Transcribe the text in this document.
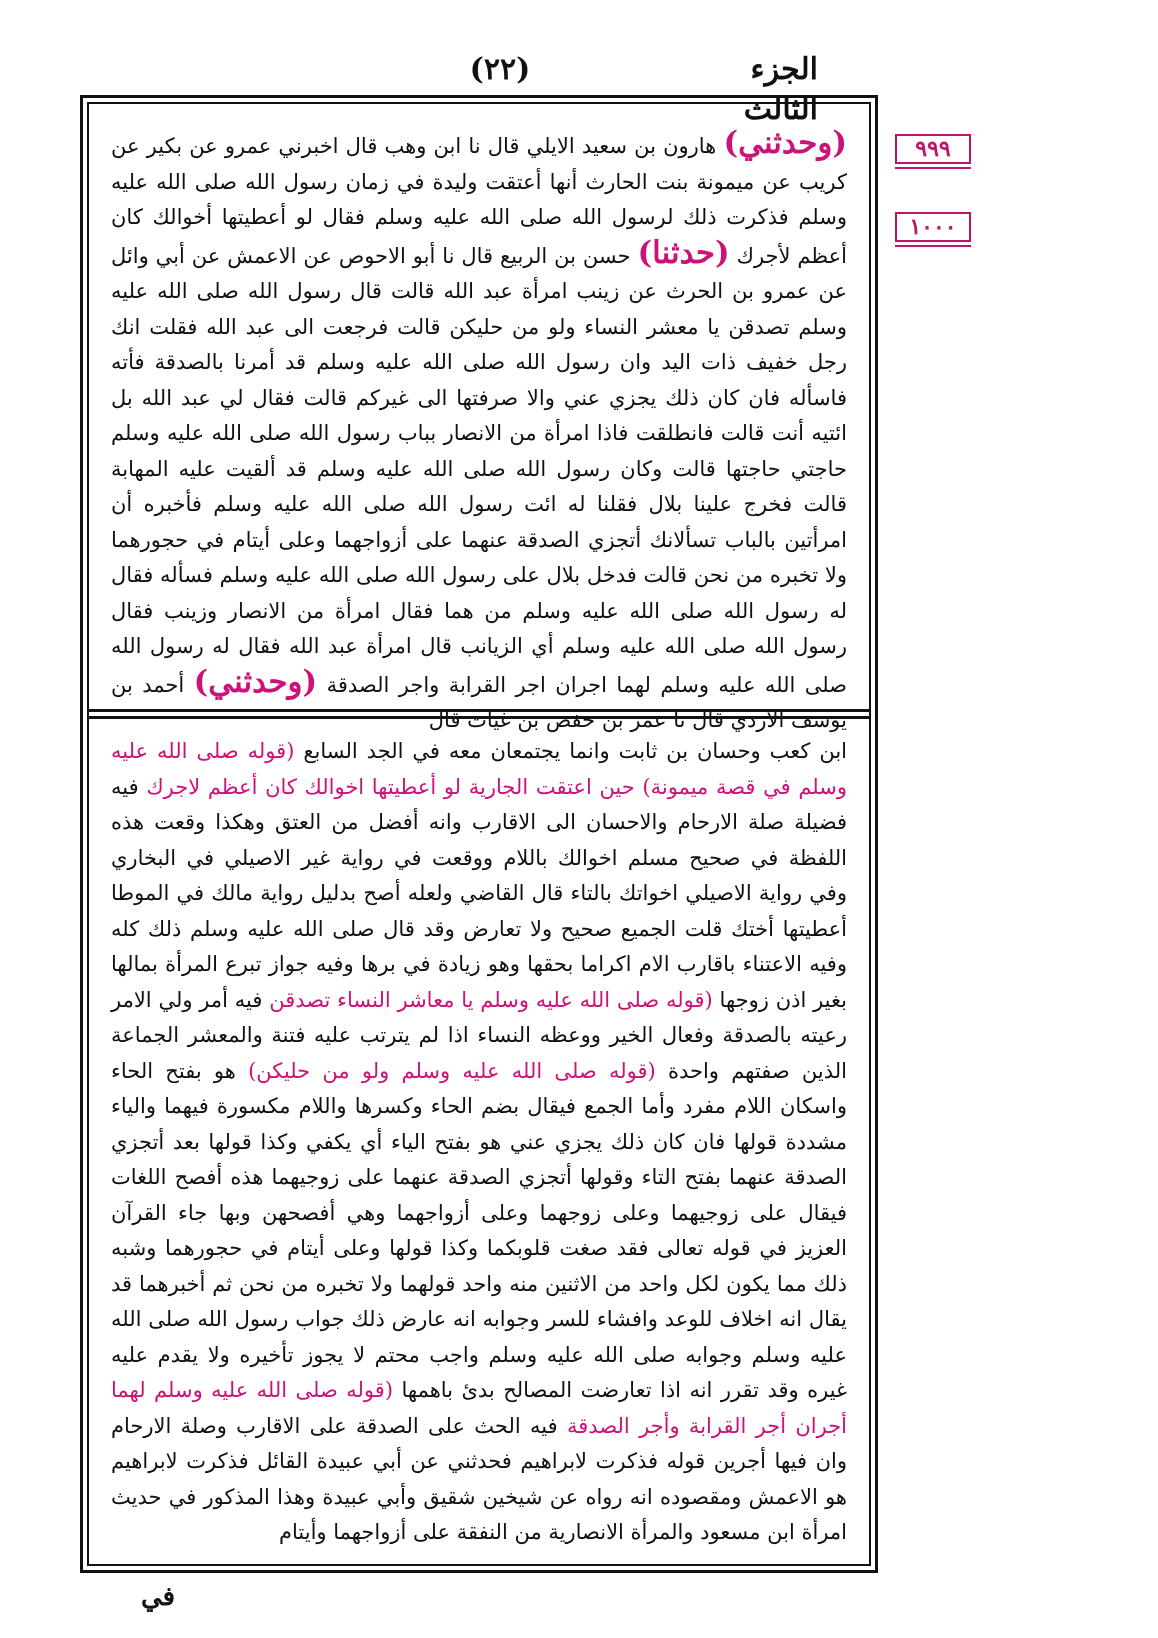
الجزء الثالث
(٢٢)
٩٩٩
١٠٠٠
(وحدثني) هارون بن سعيد الايلي قال نا ابن وهب قال اخبرني عمرو عن بكير عن كريب عن ميمونة بنت الحارث أنها أعتقت وليدة في زمان رسول الله صلى الله عليه وسلم فذكرت ذلك لرسول الله صلى الله عليه وسلم فقال لو أعطيتها أخوالك كان أعظم لأجرك (حدثنا) حسن بن الربيع قال نا أبو الاحوص عن الاعمش عن أبي وائل عن عمرو بن الحرث عن زينب امرأة عبد الله قالت قال رسول الله صلى الله عليه وسلم تصدقن يا معشر النساء ولو من حليكن قالت فرجعت الى عبد الله فقلت انك رجل خفيف ذات اليد وان رسول الله صلى الله عليه وسلم قد أمرنا بالصدقة فأته فاسأله فان كان ذلك يجزي عني والا صرفتها الى غيركم قالت فقال لي عبد الله بل ائتيه أنت قالت فانطلقت فاذا امرأة من الانصار بباب رسول الله صلى الله عليه وسلم حاجتي حاجتها قالت وكان رسول الله صلى الله عليه وسلم قد ألقيت عليه المهابة قالت فخرج علينا بلال فقلنا له ائت رسول الله صلى الله عليه وسلم فأخبره أن امرأتين بالباب تسألانك أتجزي الصدقة عنهما على أزواجهما وعلى أيتام في حجورهما ولا تخبره من نحن قالت فدخل بلال على رسول الله صلى الله عليه وسلم فسأله فقال له رسول الله صلى الله عليه وسلم من هما فقال امرأة من الانصار وزينب فقال رسول الله صلى الله عليه وسلم أي الزيانب قال امرأة عبد الله فقال له رسول الله صلى الله عليه وسلم لهما اجران اجر القرابة واجر الصدقة (وحدثني) أحمد بن يوسف الازدي قال نا عمر بن حفص بن غياث قال
ابن كعب وحسان بن ثابت وانما يجتمعان معه في الجد السابع (قوله صلى الله عليه وسلم في قصة ميمونة) حين اعتقت الجارية لو أعطيتها اخوالك كان أعظم لاجرك فيه فضيلة صلة الارحام والاحسان الى الاقارب وانه أفضل من العتق وهكذا وقعت هذه اللفظة في صحيح مسلم اخوالك باللام ووقعت في رواية غير الاصيلي في البخاري وفي رواية الاصيلي اخواتك بالتاء قال القاضي ولعله أصح بدليل رواية مالك في الموطا أعطيتها أختك قلت الجميع صحيح ولا تعارض وقد قال صلى الله عليه وسلم ذلك كله وفيه الاعتناء باقارب الام اكراما بحقها وهو زيادة في برها وفيه جواز تبرع المرأة بمالها بغير اذن زوجها (قوله صلى الله عليه وسلم يا معاشر النساء تصدقن فيه أمر ولي الامر رعيته بالصدقة وفعال الخير ووعظه النساء اذا لم يترتب عليه فتنة والمعشر الجماعة الذين صفتهم واحدة (قوله صلى الله عليه وسلم ولو من حليكن) هو بفتح الحاء واسكان اللام مفرد وأما الجمع فيقال بضم الحاء وكسرها واللام مكسورة فيهما والياء مشددة قولها فان كان ذلك يجزي عني هو بفتح الياء أي يكفي وكذا قولها بعد أتجزي الصدقة عنهما بفتح التاء وقولها أتجزي الصدقة عنهما على زوجيهما هذه أفصح اللغات فيقال على زوجيهما وعلى زوجهما وعلى أزواجهما وهي أفصحهن وبها جاء القرآن العزيز في قوله تعالى فقد صغت قلوبكما وكذا قولها وعلى أيتام في حجورهما وشبه ذلك مما يكون لكل واحد من الاثنين منه واحد قولهما ولا تخبره من نحن ثم أخبرهما قد يقال انه اخلاف للوعد وافشاء للسر وجوابه انه عارض ذلك جواب رسول الله صلى الله عليه وسلم وجوابه صلى الله عليه وسلم واجب محتم لا يجوز تأخيره ولا يقدم عليه غيره وقد تقرر انه اذا تعارضت المصالح بدئ باهمها (قوله صلى الله عليه وسلم لهما أجران أجر القرابة وأجر الصدقة فيه الحث على الصدقة على الاقارب وصلة الارحام وان فيها أجرين قوله فذكرت لابراهيم فحدثني عن أبي عبيدة القائل فذكرت لابراهيم هو الاعمش ومقصوده انه رواه عن شيخين شقيق وأبي عبيدة وهذا المذكور في حديث امرأة ابن مسعود والمرأة الانصارية من النفقة على أزواجهما وأيتام
في
